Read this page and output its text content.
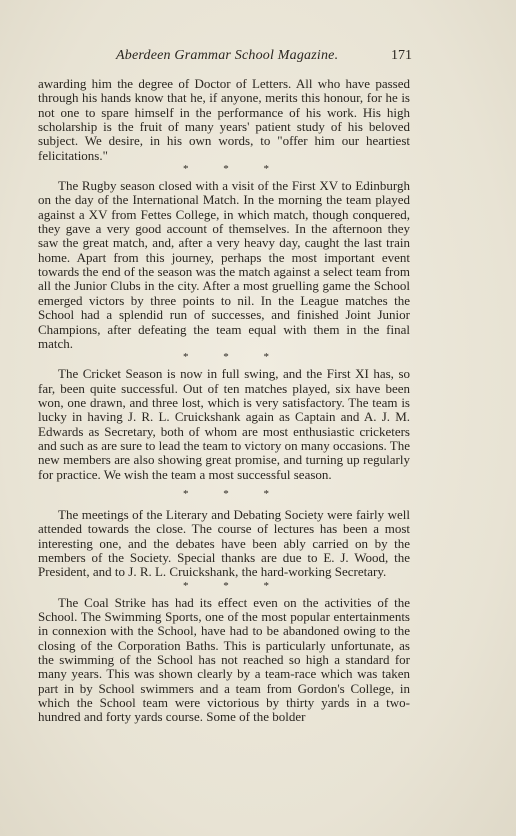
Aberdeen Grammar School Magazine.	171

awarding him the degree of Doctor of Letters. All who have passed through his hands know that he, if anyone, merits this honour, for he is not one to spare himself in the performance of his work. His high scholarship is the fruit of many years' patient study of his beloved subject. We desire, in his own words, to "offer him our heartiest felicitations."

* * *

The Rugby season closed with a visit of the First XV to Edinburgh on the day of the International Match. In the morning the team played against a XV from Fettes College, in which match, though conquered, they gave a very good account of themselves. In the afternoon they saw the great match, and, after a very heavy day, caught the last train home. Apart from this journey, perhaps the most important event towards the end of the season was the match against a select team from all the Junior Clubs in the city. After a most gruelling game the School emerged victors by three points to nil. In the League matches the School had a splendid run of successes, and finished Joint Junior Champions, after defeating the team equal with them in the final match.

* * *

The Cricket Season is now in full swing, and the First XI has, so far, been quite successful. Out of ten matches played, six have been won, one drawn, and three lost, which is very satisfactory. The team is lucky in having J. R. L. Cruickshank again as Captain and A. J. M. Edwards as Secretary, both of whom are most enthusiastic cricketers and such as are sure to lead the team to victory on many occasions. The new members are also showing great promise, and turning up regularly for practice. We wish the team a most successful season.

* * *

The meetings of the Literary and Debating Society were fairly well attended towards the close. The course of lectures has been a most interesting one, and the debates have been ably carried on by the members of the Society. Special thanks are due to E. J. Wood, the President, and to J. R. L. Cruickshank, the hard-working Secretary.

* * *

The Coal Strike has had its effect even on the activities of the School. The Swimming Sports, one of the most popular entertainments in connexion with the School, have had to be abandoned owing to the closing of the Corporation Baths. This is particularly unfortunate, as the swimming of the School has not reached so high a standard for many years. This was shown clearly by a team-race which was taken part in by School swimmers and a team from Gordon's College, in which the School team were victorious by thirty yards in a two-hundred and forty yards course. Some of the bolder
